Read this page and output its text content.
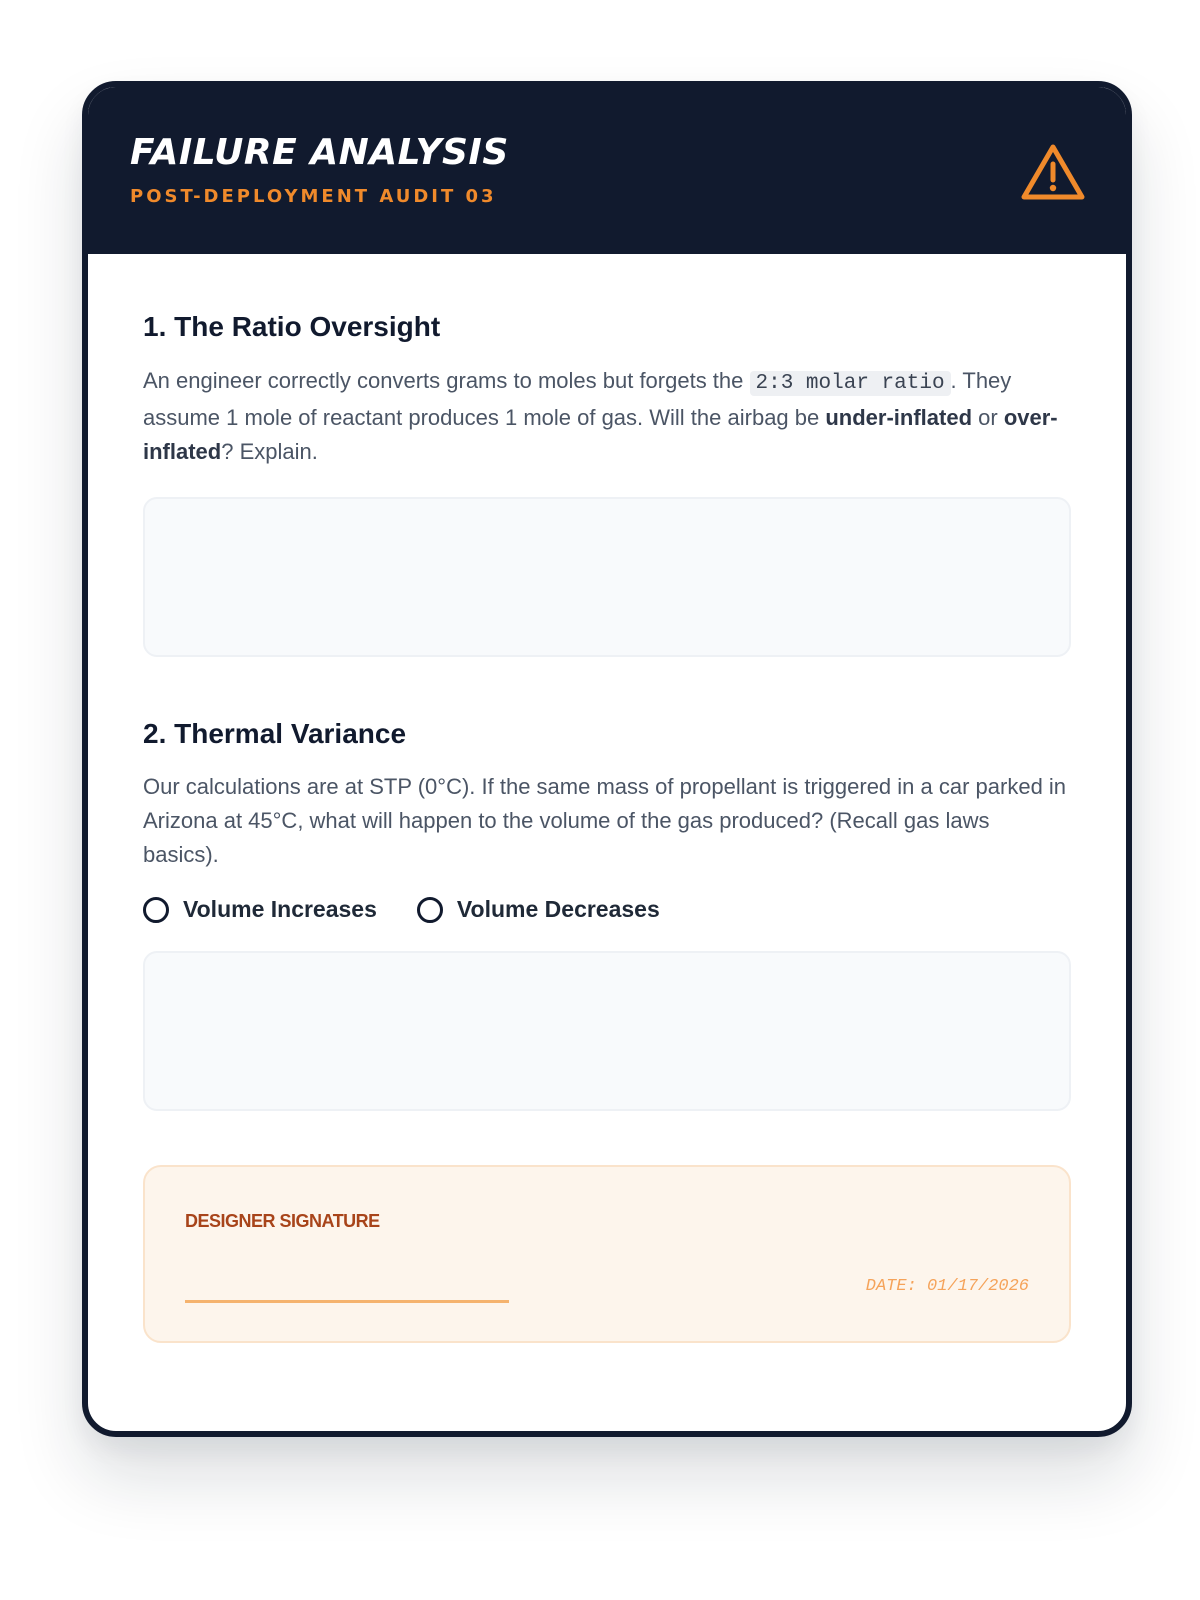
FAILURE ANALYSIS
POST-DEPLOYMENT AUDIT 03
1. The Ratio Oversight

An engineer correctly converts grams to moles but forgets the 2:3 molar ratio . They assume 1 mole of reactant produces 1 mole of gas. Will the airbag be under-inflated or over-inflated? Explain.

2. Thermal Variance

Our calculations are at STP (0°C). If the same mass of propellant is triggered in a car parked in Arizona at 45°C, what will happen to the volume of the gas produced? (Recall gas laws basics).

Volume Increases	Volume Decreases
DESIGNER SIGNATURE
DATE: 01/17/2026
